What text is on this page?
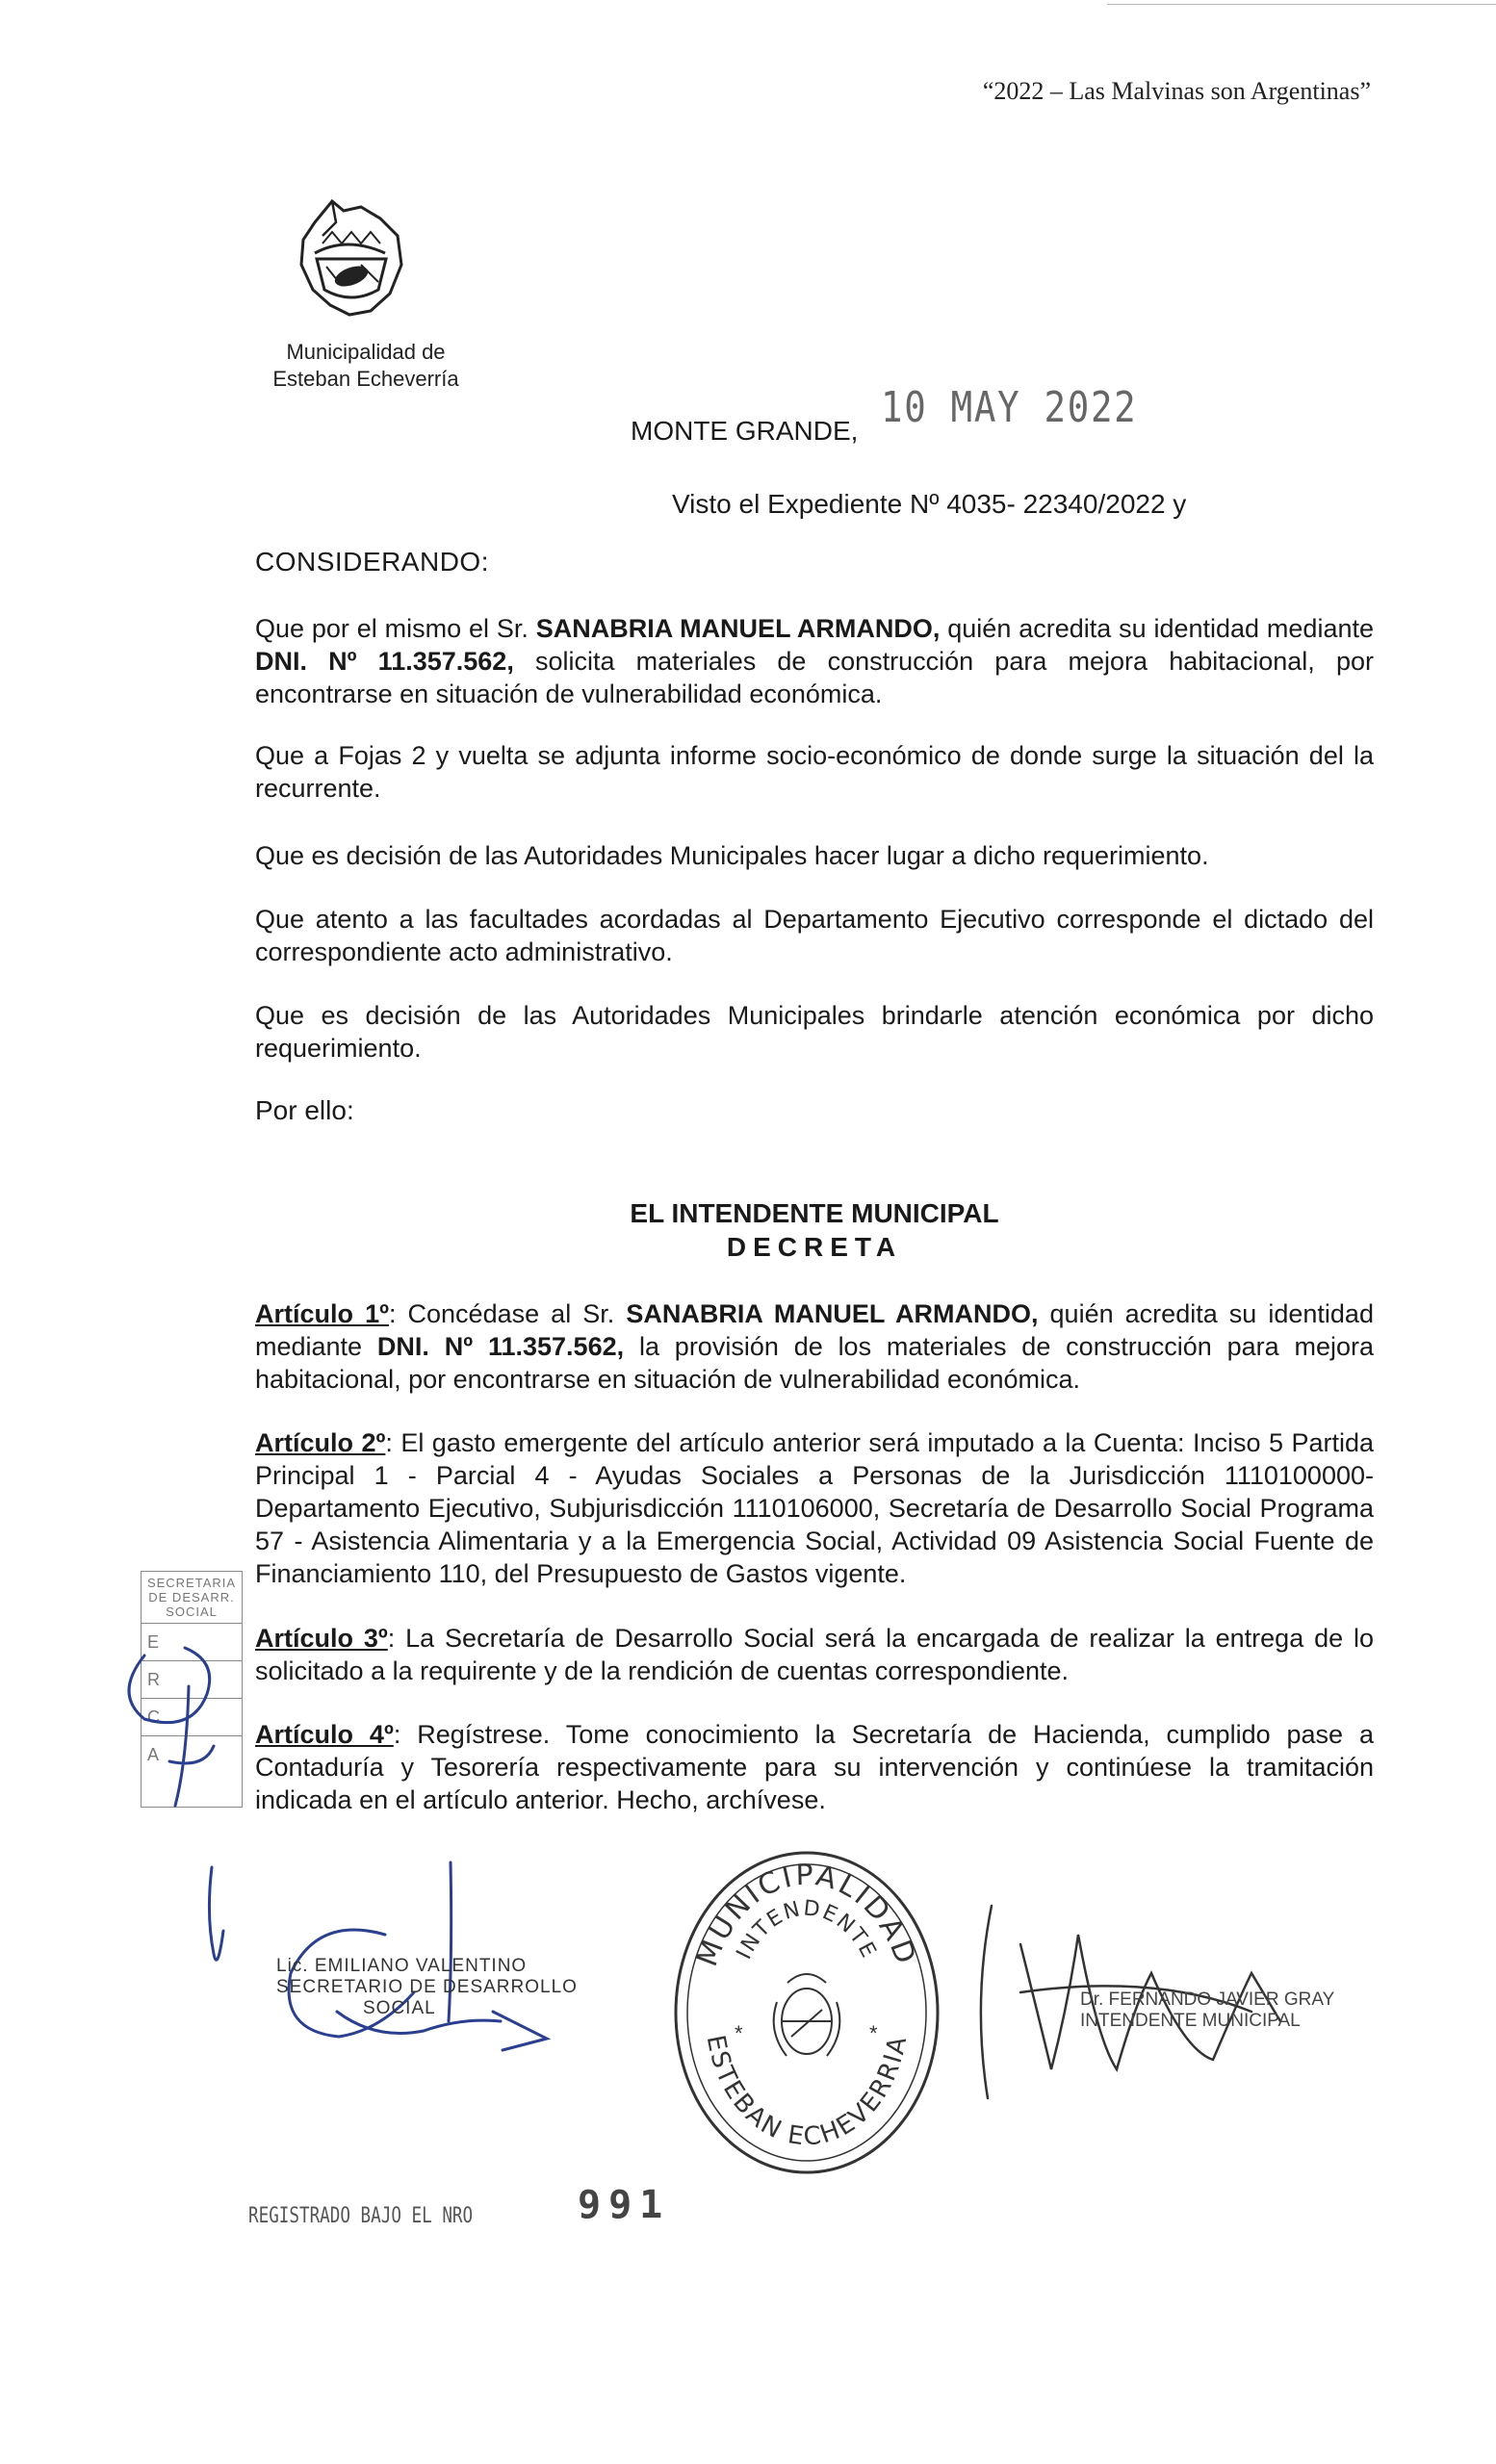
“2022 – Las Malvinas son Argentinas”
Municipalidad de
Esteban Echeverría
MONTE GRANDE, 10 MAY 2022
Visto el Expediente Nº 4035- 22340/2022 y
CONSIDERANDO:
Que por el mismo el Sr. SANABRIA MANUEL ARMANDO, quién acredita su identidad mediante DNI. Nº 11.357.562, solicita materiales de construcción para mejora habitacional, por encontrarse en situación de vulnerabilidad económica.
Que a Fojas 2 y vuelta se adjunta informe socio-económico de donde surge la situación del la recurrente.
Que es decisión de las Autoridades Municipales hacer lugar a dicho requerimiento.
Que atento a las facultades acordadas al Departamento Ejecutivo corresponde el dictado del correspondiente acto administrativo.
Que es decisión de las Autoridades Municipales brindarle atención económica por dicho requerimiento.
Por ello:
EL INTENDENTE MUNICIPAL
DECRETA
Artículo 1º: Concédase al Sr. SANABRIA MANUEL ARMANDO, quién acredita su identidad mediante DNI. Nº 11.357.562, la provisión de los materiales de construcción para mejora habitacional, por encontrarse en situación de vulnerabilidad económica.
Artículo 2º: El gasto emergente del artículo anterior será imputado a la Cuenta: Inciso 5 Partida Principal 1 - Parcial 4 - Ayudas Sociales a Personas de la Jurisdicción 1110100000- Departamento Ejecutivo, Subjurisdicción 1110106000, Secretaría de Desarrollo Social Programa 57 - Asistencia Alimentaria y a la Emergencia Social, Actividad 09 Asistencia Social Fuente de Financiamiento 110, del Presupuesto de Gastos vigente.
Artículo 3º: La Secretaría de Desarrollo Social será la encargada de realizar la entrega de lo solicitado a la requirente y de la rendición de cuentas correspondiente.
Artículo 4º: Regístrese. Tome conocimiento la Secretaría de Hacienda, cumplido pase a Contaduría y Tesorería respectivamente para su intervención y continúese la tramitación indicada en el artículo anterior. Hecho, archívese.
SECRETARIA DE DESARR. SOCIAL
E
R
C
A
Lic. EMILIANO VALENTINO
SECRETARIO DE DESARROLLO
SOCIAL	Dr. FERNANDO JAVIER GRAY
INTENDENTE MUNICIPAL
MUNICIPALIDAD
INTENDENTE
ESTEBAN ECHEVERRIA
*	*
REGISTRADO BAJO EL NRO	991
